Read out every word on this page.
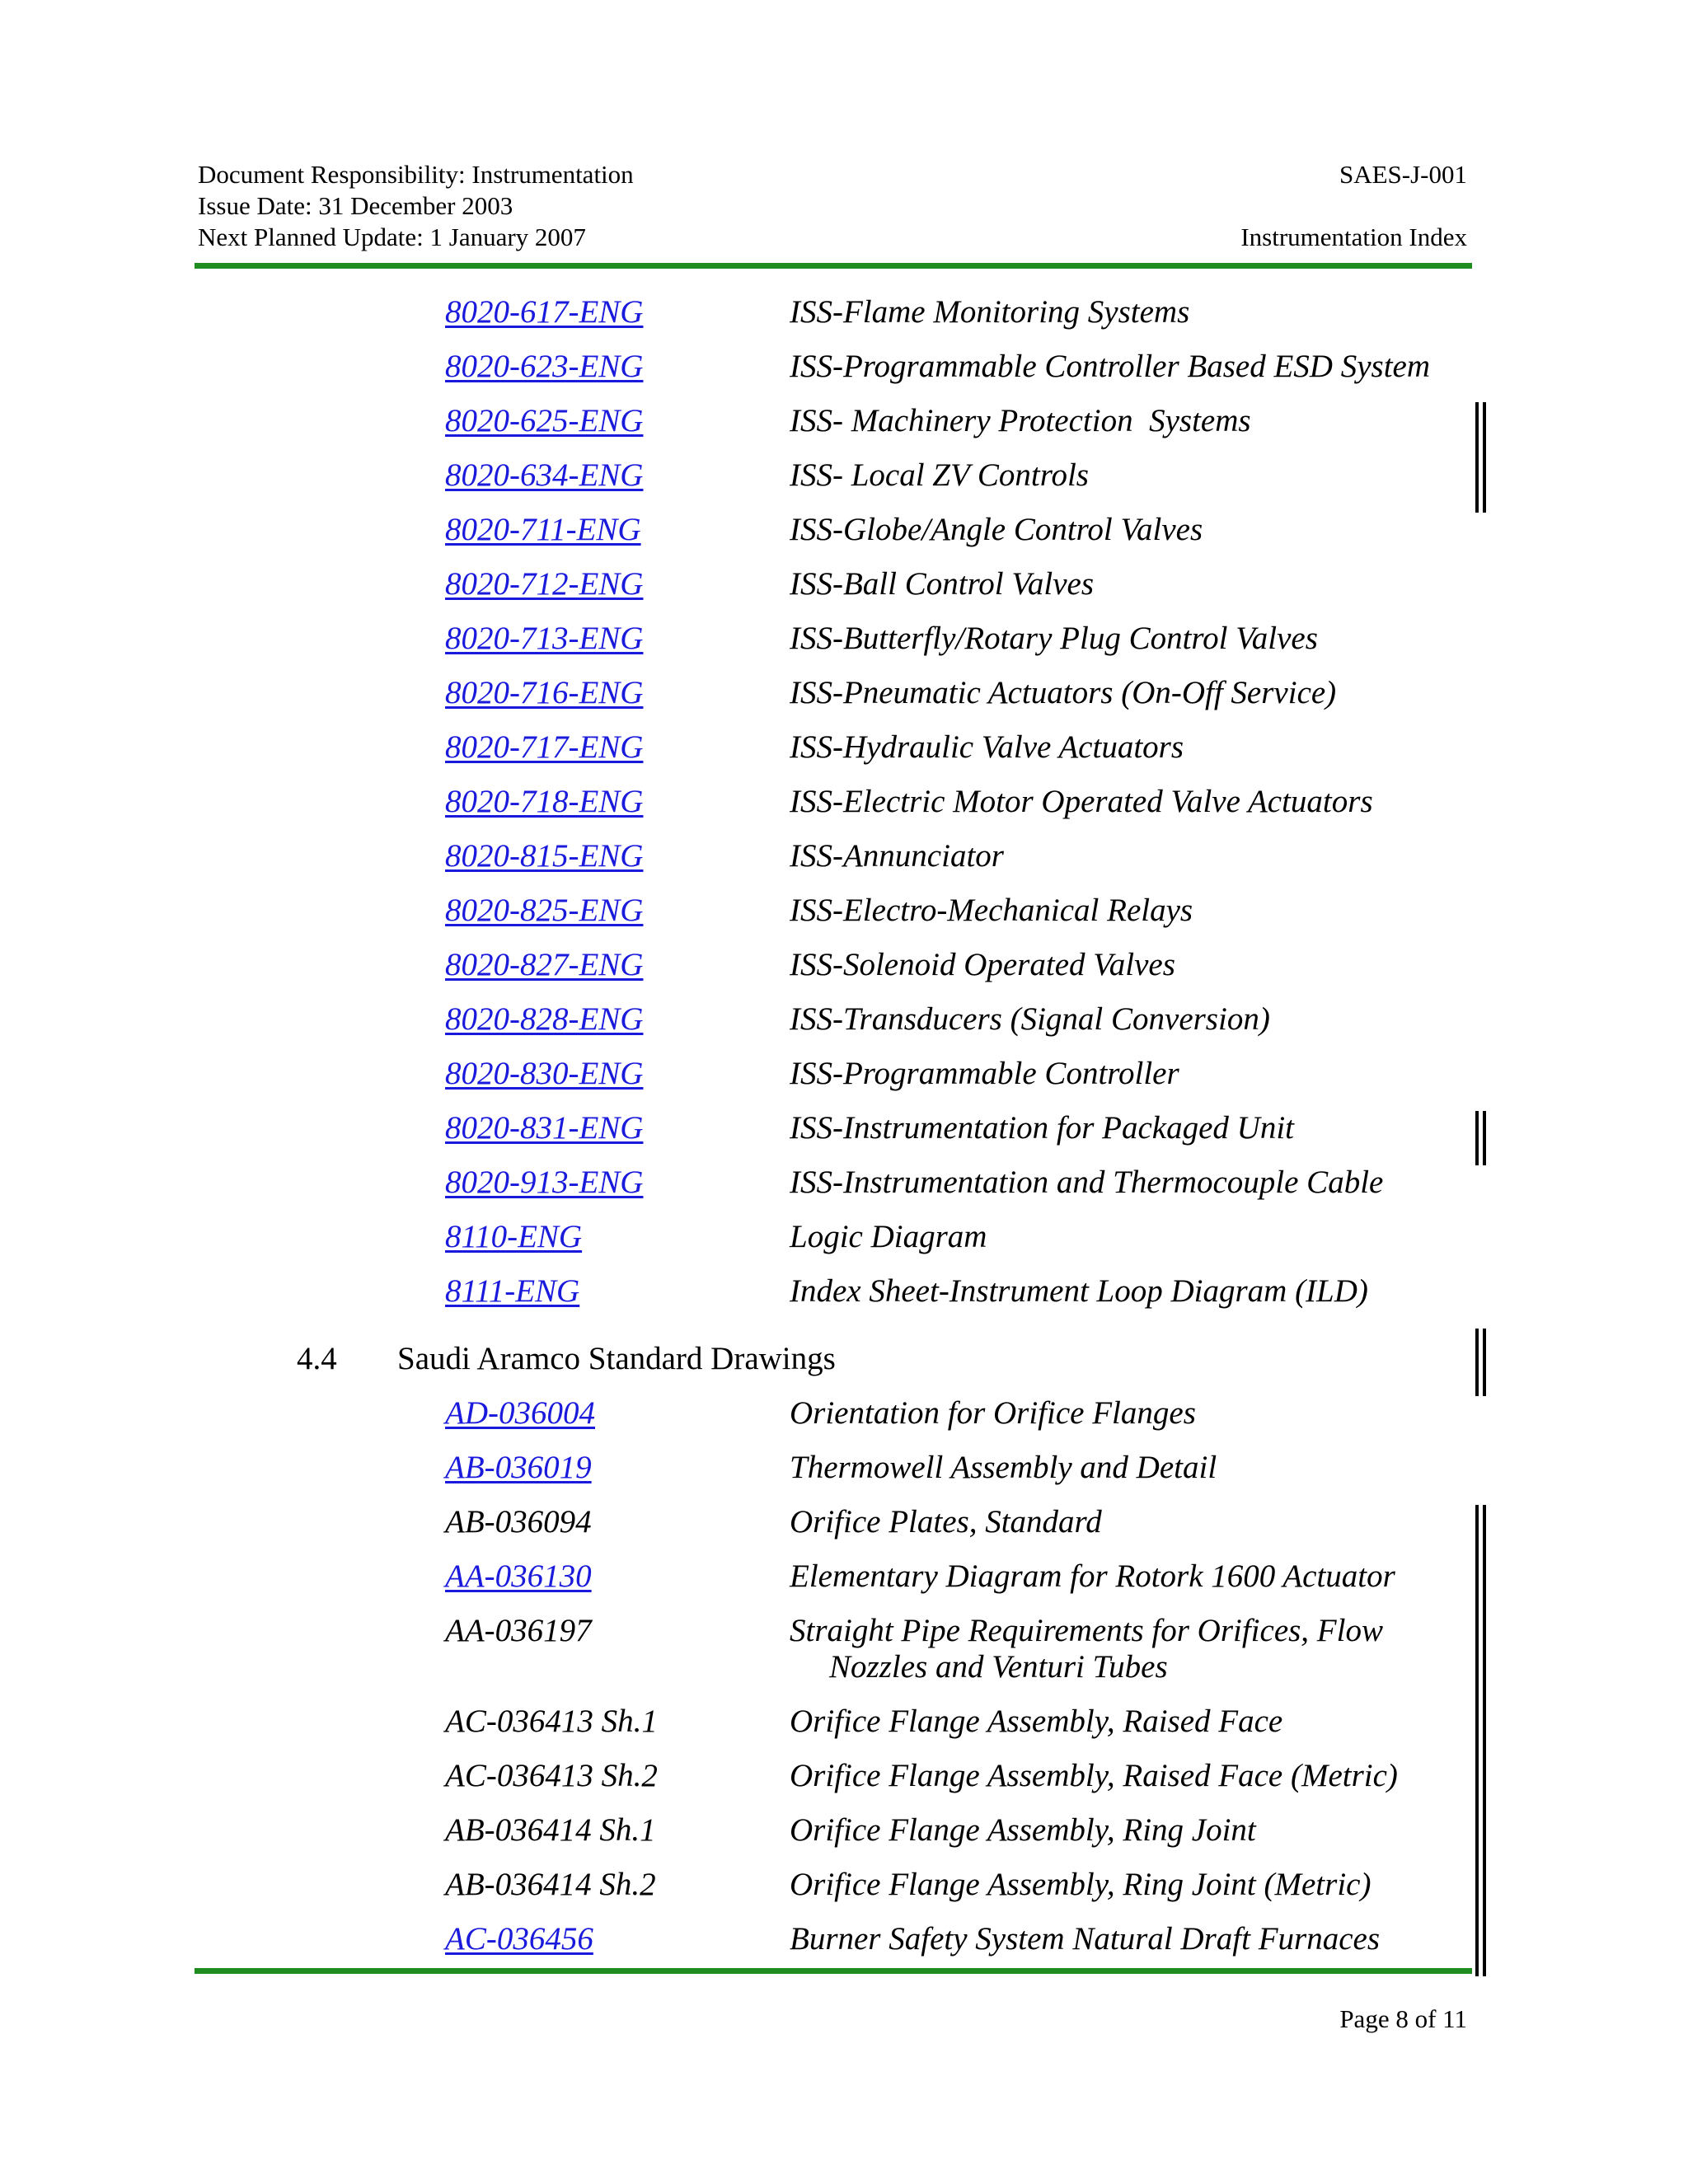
Document Responsibility: Instrumentation
Issue Date: 31 December 2003
Next Planned Update: 1 January 2007
SAES-J-001
Instrumentation Index
8020-617-ENG	ISS-Flame Monitoring Systems
8020-623-ENG	ISS-Programmable Controller Based ESD System
8020-625-ENG	ISS- Machinery Protection  Systems
8020-634-ENG	ISS- Local ZV Controls
8020-711-ENG	ISS-Globe/Angle Control Valves
8020-712-ENG	ISS-Ball Control Valves
8020-713-ENG	ISS-Butterfly/Rotary Plug Control Valves
8020-716-ENG	ISS-Pneumatic Actuators (On-Off Service)
8020-717-ENG	ISS-Hydraulic Valve Actuators
8020-718-ENG	ISS-Electric Motor Operated Valve Actuators
8020-815-ENG	ISS-Annunciator
8020-825-ENG	ISS-Electro-Mechanical Relays
8020-827-ENG	ISS-Solenoid Operated Valves
8020-828-ENG	ISS-Transducers (Signal Conversion)
8020-830-ENG	ISS-Programmable Controller
8020-831-ENG	ISS-Instrumentation for Packaged Unit
8020-913-ENG	ISS-Instrumentation and Thermocouple Cable
8110-ENG	Logic Diagram
8111-ENG	Index Sheet-Instrument Loop Diagram (ILD)
4.4 Saudi Aramco Standard Drawings
AD-036004	Orientation for Orifice Flanges
AB-036019	Thermowell Assembly and Detail
AB-036094	Orifice Plates, Standard
AA-036130	Elementary Diagram for Rotork 1600 Actuator
AA-036197	Straight Pipe Requirements for Orifices, Flow
Nozzles and Venturi Tubes
AC-036413 Sh.1	Orifice Flange Assembly, Raised Face
AC-036413 Sh.2	Orifice Flange Assembly, Raised Face (Metric)
AB-036414 Sh.1	Orifice Flange Assembly, Ring Joint
AB-036414 Sh.2	Orifice Flange Assembly, Ring Joint (Metric)
AC-036456	Burner Safety System Natural Draft Furnaces
Page 8 of 11
